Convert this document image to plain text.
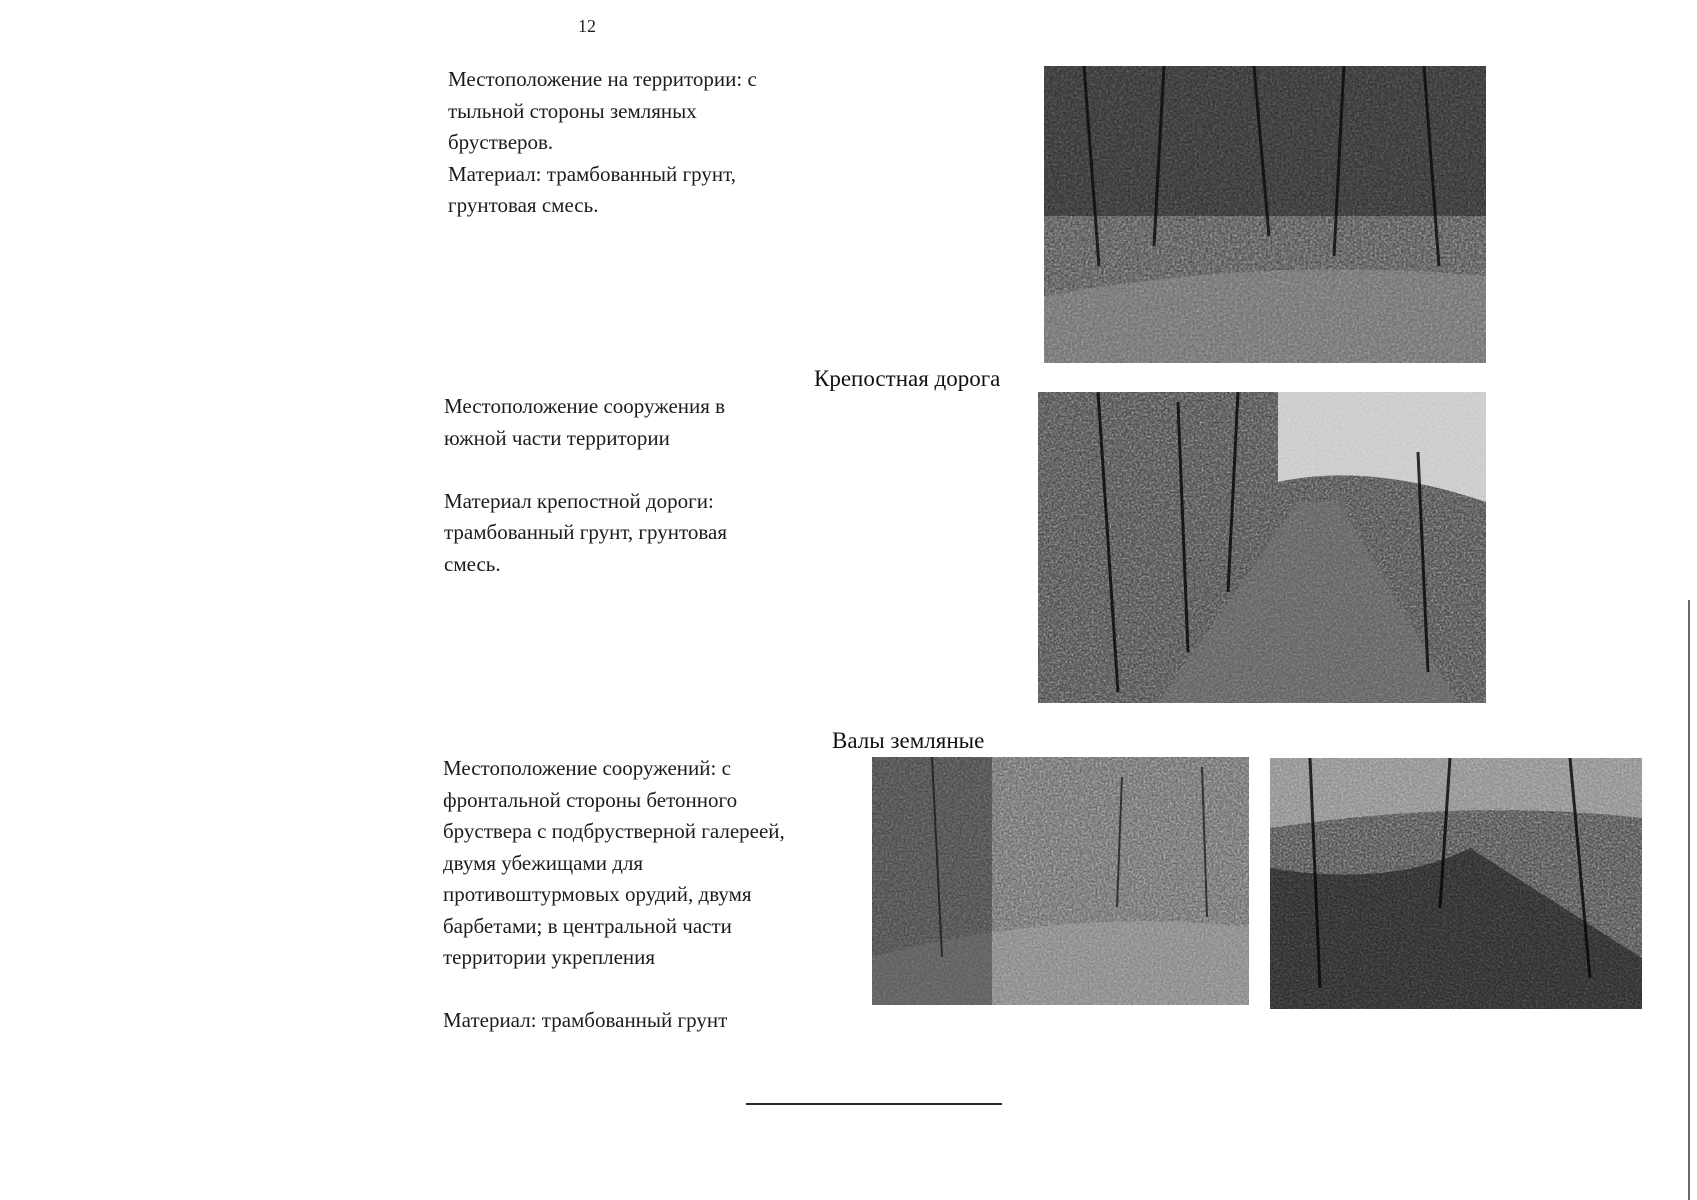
12
Местоположение на территории: с
тыльной стороны земляных
брустверов.
Материал: трамбованный грунт,
грунтовая смесь.
Крепостная дорога
Местоположение сооружения в
южной части территории

Материал крепостной дороги:
трамбованный грунт, грунтовая
смесь.
Валы земляные
Местоположение сооружений: с
фронтальной стороны бетонного
бруствера с подбрустверной галереей,
двумя убежищами для
противоштурмовых орудий, двумя
барбетами; в центральной части
территории укрепления

Материал: трамбованный грунт
